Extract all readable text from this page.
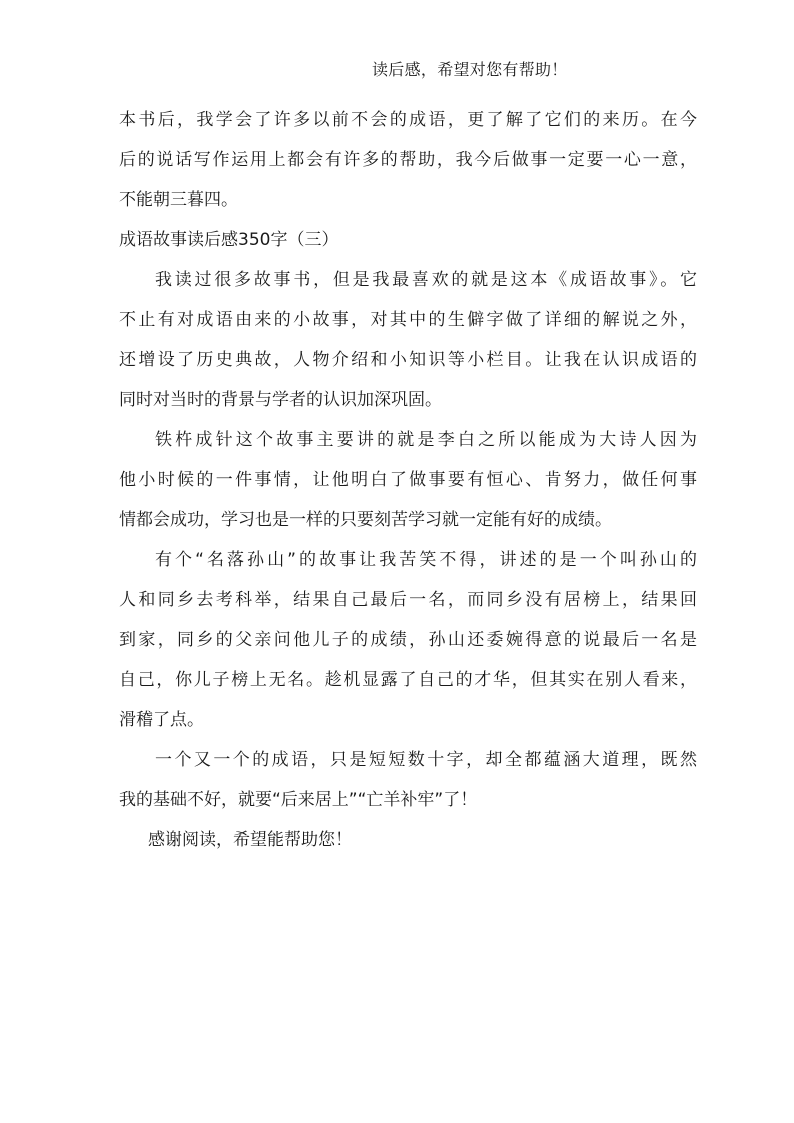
读后感，希望对您有帮助！
本书后，我学会了许多以前不会的成语，更了解了它们的来历。在今
后的说话写作运用上都会有许多的帮助，我今后做事一定要一心一意，
不能朝三暮四。
成语故事读后感350字（三）
我读过很多故事书，但是我最喜欢的就是这本《成语故事》。它
不止有对成语由来的小故事，对其中的生僻字做了详细的解说之外，
还增设了历史典故，人物介绍和小知识等小栏目。让我在认识成语的
同时对当时的背景与学者的认识加深巩固。
铁杵成针这个故事主要讲的就是李白之所以能成为大诗人因为
他小时候的一件事情，让他明白了做事要有恒心、肯努力，做任何事
情都会成功，学习也是一样的只要刻苦学习就一定能有好的成绩。
有个“名落孙山”的故事让我苦笑不得，讲述的是一个叫孙山的
人和同乡去考科举，结果自己最后一名，而同乡没有居榜上，结果回
到家，同乡的父亲问他儿子的成绩，孙山还委婉得意的说最后一名是
自己，你儿子榜上无名。趁机显露了自己的才华，但其实在别人看来，
滑稽了点。
一个又一个的成语，只是短短数十字，却全都蕴涵大道理，既然
我的基础不好，就要“后来居上”“亡羊补牢”了！
感谢阅读，希望能帮助您！
